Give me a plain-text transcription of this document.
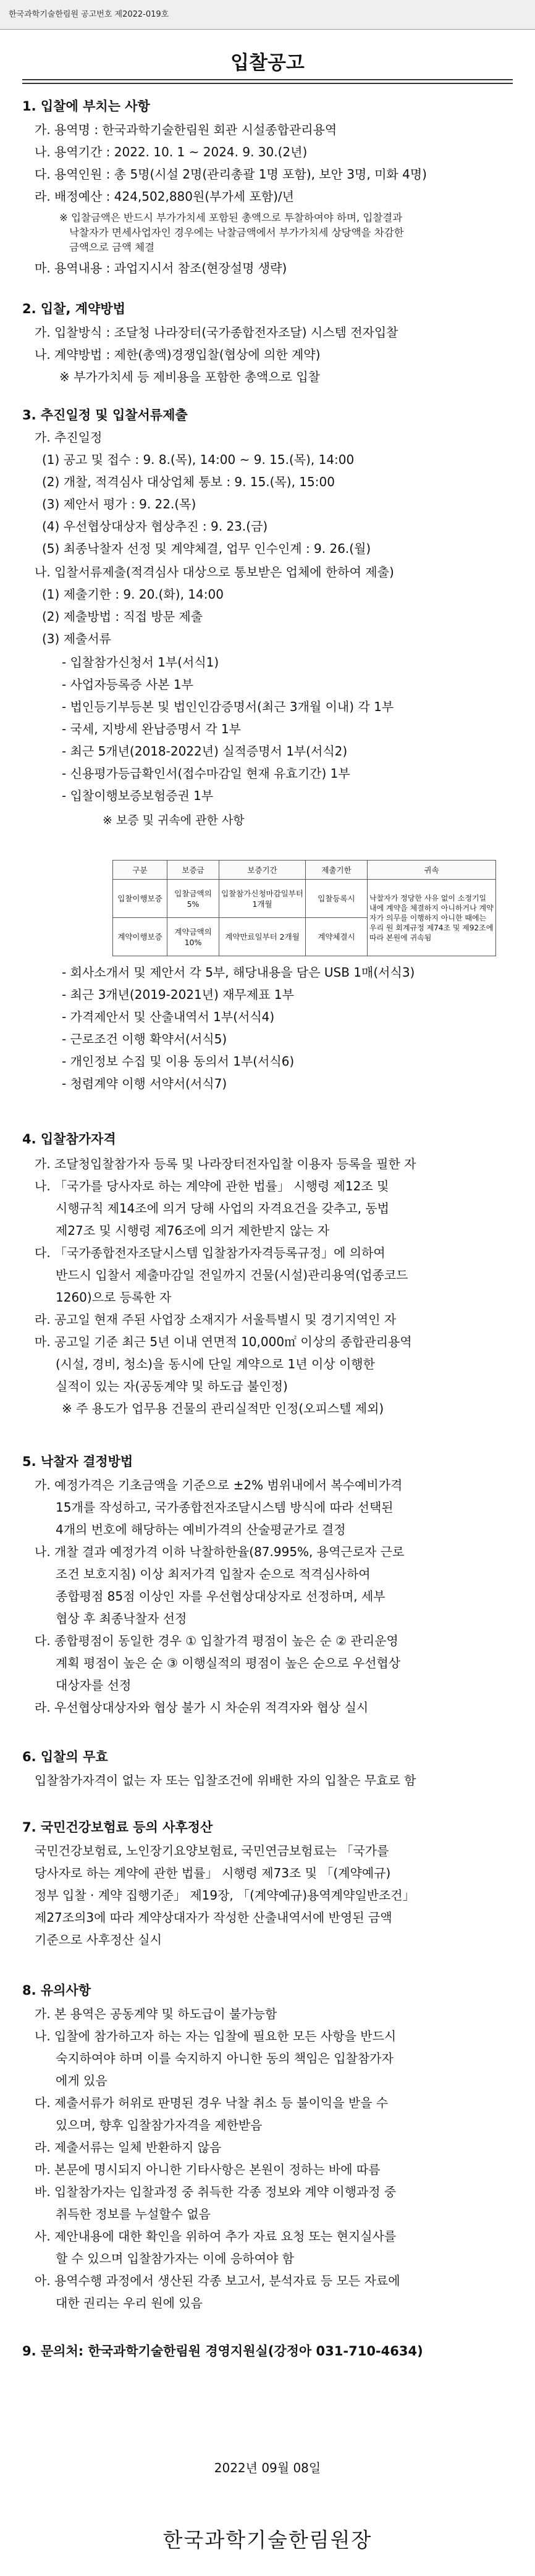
한국과학기술한림원 공고번호 제2022-019호
입찰공고
1. 입찰에 부치는 사항
가. 용역명 : 한국과학기술한림원 회관 시설종합관리용역
나. 용역기간 : 2022. 10. 1 ~ 2024. 9. 30.(2년)
다. 용역인원 : 총 5명(시설 2명(관리총괄 1명 포함), 보안 3명, 미화 4명)
라. 배정예산 : 424,502,880원(부가세 포함)/년
※ 입찰금액은 반드시 부가가치세 포함된 총액으로 투찰하여야 하며, 입찰결과
낙찰자가 면세사업자인 경우에는 낙찰금액에서 부가가치세 상당액을 차감한
금액으로 금액 체결
마. 용역내용 : 과업지시서 참조(현장설명 생략)
2. 입찰, 계약방법
가. 입찰방식 : 조달청 나라장터(국가종합전자조달) 시스템 전자입찰
나. 계약방법 : 제한(총액)경쟁입찰(협상에 의한 계약)
※ 부가가치세 등 제비용을 포함한 총액으로 입찰
3. 추진일정 및 입찰서류제출
가. 추진일정
(1) 공고 및 접수 : 9. 8.(목), 14:00 ~ 9. 15.(목), 14:00
(2) 개찰, 적격심사 대상업체 통보 : 9. 15.(목), 15:00
(3) 제안서 평가 : 9. 22.(목)
(4) 우선협상대상자 협상추진 : 9. 23.(금)
(5) 최종낙찰자 선정 및 계약체결, 업무 인수인계 : 9. 26.(월)
나. 입찰서류제출(적격심사 대상으로 통보받은 업체에 한하여 제출)
(1) 제출기한 : 9. 20.(화), 14:00
(2) 제출방법 : 직접 방문 제출
(3) 제출서류
- 입찰참가신청서 1부(서식1)
- 사업자등록증 사본 1부
- 법인등기부등본 및 법인인감증명서(최근 3개월 이내) 각 1부
- 국세, 지방세 완납증명서 각 1부
- 최근 5개년(2018-2022년) 실적증명서 1부(서식2)
- 신용평가등급확인서(접수마감일 현재 유효기간) 1부
- 입찰이행보증보험증권 1부
※ 보증 및 귀속에 관한 사항
구분	보증금	보증기간	제출기한	귀속
입찰이행보증	입찰금액의 5%	입찰참가신청마감일부터 1개월	입찰등록시	낙찰자가 정당한 사유 없이 소정기일 내에 계약을 체결하지 아니하거나 계약자가 의무를 이행하지 아니한 때에는 우리 원 회계규정 제74조 및 제92조에 따라 본원에 귀속됨
계약이행보증	계약금액의 10%	계약만료일부터 2개월	계약체결시	
- 회사소개서 및 제안서 각 5부, 해당내용을 담은 USB 1매(서식3)
- 최근 3개년(2019-2021년) 재무제표 1부
- 가격제안서 및 산출내역서 1부(서식4)
- 근로조건 이행 확약서(서식5)
- 개인정보 수집 및 이용 동의서 1부(서식6)
- 청렴계약 이행 서약서(서식7)
4. 입찰참가자격
가. 조달청입찰참가자 등록 및 나라장터전자입찰 이용자 등록을 필한 자
나. 「국가를 당사자로 하는 계약에 관한 법률」 시행령 제12조 및
시행규칙 제14조에 의거 당해 사업의 자격요건을 갖추고, 동법
제27조 및 시행령 제76조에 의거 제한받지 않는 자
다. 「국가종합전자조달시스템 입찰참가자격등록규정」에 의하여
반드시 입찰서 제출마감일 전일까지 건물(시설)관리용역(업종코드
1260)으로 등록한 자
라. 공고일 현재 주된 사업장 소재지가 서울특별시 및 경기지역인 자
마. 공고일 기준 최근 5년 이내 연면적 10,000㎡ 이상의 종합관리용역
(시설, 경비, 청소)을 동시에 단일 계약으로 1년 이상 이행한
실적이 있는 자(공동계약 및 하도급 불인정)
※ 주 용도가 업무용 건물의 관리실적만 인정(오피스텔 제외)
5. 낙찰자 결정방법
가. 예정가격은 기초금액을 기준으로 ±2% 범위내에서 복수예비가격
15개를 작성하고, 국가종합전자조달시스템 방식에 따라 선택된
4개의 번호에 해당하는 예비가격의 산술평균가로 결정
나. 개찰 결과 예정가격 이하 낙찰하한율(87.995%, 용역근로자 근로
조건 보호지침) 이상 최저가격 입찰자 순으로 적격심사하여
종합평점 85점 이상인 자를 우선협상대상자로 선정하며, 세부
협상 후 최종낙찰자 선정
다. 종합평점이 동일한 경우 ① 입찰가격 평점이 높은 순 ② 관리운영
계획 평점이 높은 순 ③ 이행실적의 평점이 높은 순으로 우선협상
대상자를 선정
라. 우선협상대상자와 협상 불가 시 차순위 적격자와 협상 실시
6. 입찰의 무효
입찰참가자격이 없는 자 또는 입찰조건에 위배한 자의 입찰은 무효로 함
7. 국민건강보험료 등의 사후정산
국민건강보험료, 노인장기요양보험료, 국민연금보험료는 「국가를
당사자로 하는 계약에 관한 법률」 시행령 제73조 및 「(계약예규)
정부 입찰 · 계약 집행기준」 제19장, 「(계약예규)용역계약일반조건」
제27조의3에 따라 계약상대자가 작성한 산출내역서에 반영된 금액
기준으로 사후정산 실시
8. 유의사항
가. 본 용역은 공동계약 및 하도급이 불가능함
나. 입찰에 참가하고자 하는 자는 입찰에 필요한 모든 사항을 반드시
숙지하여야 하며 이를 숙지하지 아니한 동의 책임은 입찰참가자
에게 있음
다. 제출서류가 허위로 판명된 경우 낙찰 취소 등 불이익을 받을 수
있으며, 향후 입찰참가자격을 제한받음
라. 제출서류는 일체 반환하지 않음
마. 본문에 명시되지 아니한 기타사항은 본원이 정하는 바에 따름
바. 입찰참가자는 입찰과정 중 취득한 각종 정보와 계약 이행과정 중
취득한 정보를 누설할수 없음
사. 제안내용에 대한 확인을 위하여 추가 자료 요청 또는 현지실사를
할 수 있으며 입찰참가자는 이에 응하여야 함
아. 용역수행 과정에서 생산된 각종 보고서, 분석자료 등 모든 자료에
대한 권리는 우리 원에 있음
9. 문의처: 한국과학기술한림원 경영지원실(강정아 031-710-4634)
2022년 09월 08일
한국과학기술한림원장
